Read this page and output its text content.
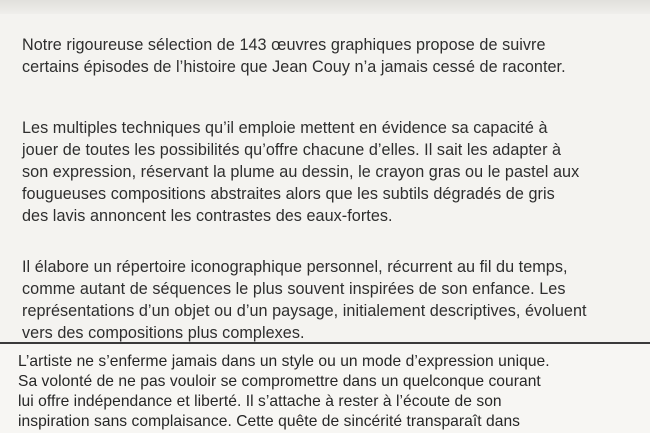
Notre rigoureuse sélection de 143 œuvres graphiques propose de suivre
certains épisodes de l’histoire que Jean Couy n’a jamais cessé de raconter.

Les multiples techniques qu’il emploie mettent en évidence sa capacité à
jouer de toutes les possibilités qu’offre chacune d’elles. Il sait les adapter à
son expression, réservant la plume au dessin, le crayon gras ou le pastel aux
fougueuses compositions abstraites alors que les subtils dégradés de gris
des lavis annoncent les contrastes des eaux-fortes.

Il élabore un répertoire iconographique personnel, récurrent au fil du temps,
comme autant de séquences le plus souvent inspirées de son enfance. Les
représentations d’un objet ou d’un paysage, initialement descriptives, évoluent
vers des compositions plus complexes.

L’artiste ne s’enferme jamais dans un style ou un mode d’expression unique.
Sa volonté de ne pas vouloir se compromettre dans un quelconque courant
lui offre indépendance et liberté. Il s’attache à rester à l’écoute de son
inspiration sans complaisance. Cette quête de sincérité transparaît dans
